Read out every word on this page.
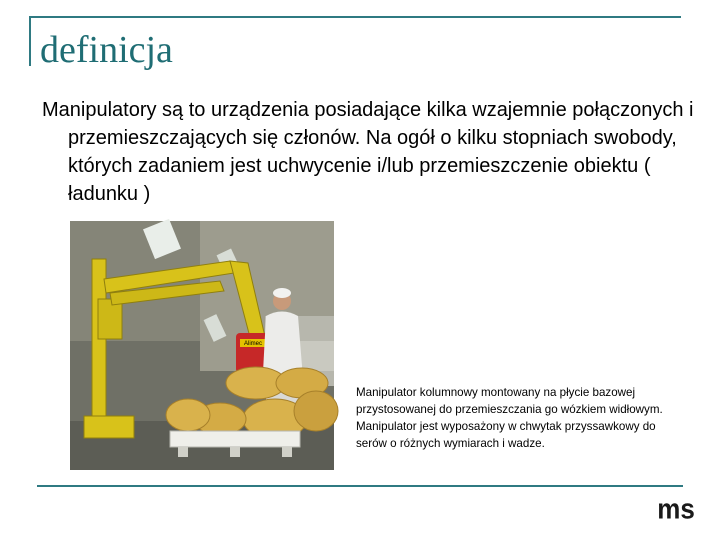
definicja

Manipulatory są to urządzenia posiadające kilka wzajemnie połączonych i przemieszczających się członów. Na ogół o kilku stopniach swobody, których zadaniem jest uchwycenie i/lub przemieszczenie obiektu ( ładunku )

Alimec

Manipulator kolumnowy montowany na płycie bazowej przystosowanej do przemieszczania go wózkiem widłowym. Manipulator jest wyposażony w chwytak przyssawkowy do serów o różnych wymiarach i wadze.

ms
